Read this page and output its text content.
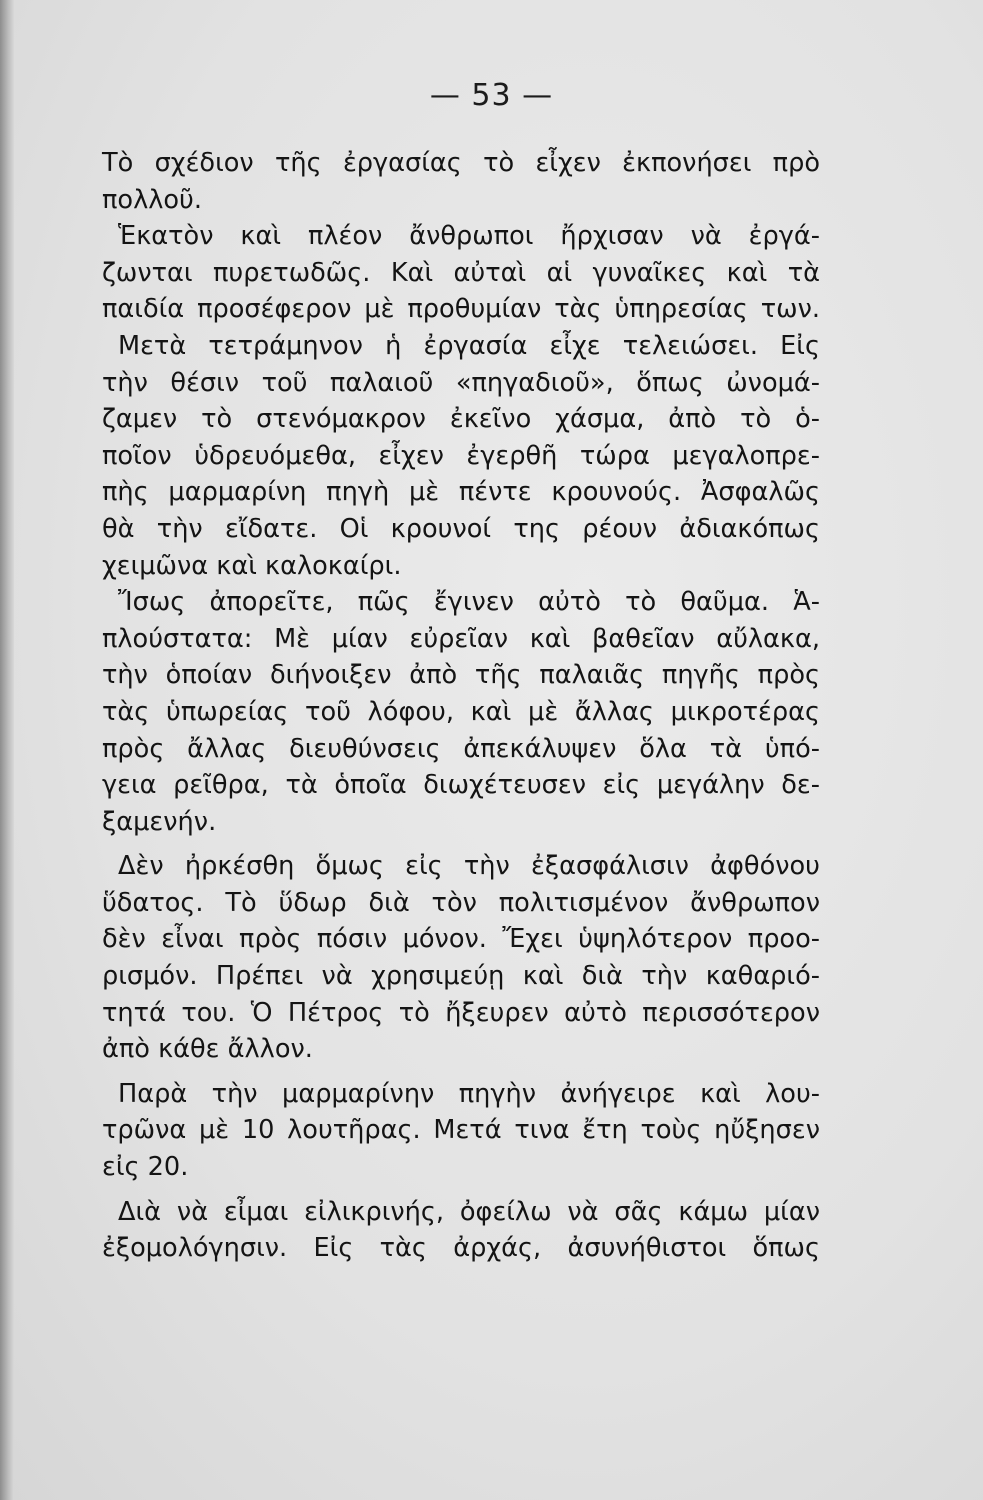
— 53 —
Τὸ σχέδιον τῆς ἐργασίας τὸ εἶχεν ἐκπονήσει πρὸ
πολλοῦ.
Ἑκατὸν καὶ πλέον ἄνθρωποι ἤρχισαν νὰ ἐργά-
ζωνται πυρετωδῶς. Καὶ αὐταὶ αἱ γυναῖκες καὶ τὰ
παιδία προσέφερον μὲ προθυμίαν τὰς ὑπηρεσίας των.
Μετὰ τετράμηνον ἡ ἐργασία εἶχε τελειώσει. Εἰς
τὴν θέσιν τοῦ παλαιοῦ «πηγαδιοῦ», ὅπως ὠνομά-
ζαμεν τὸ στενόμακρον ἐκεῖνο χάσμα, ἀπὸ τὸ ὁ-
ποῖον ὑδρευόμεθα, εἶχεν ἐγερθῆ τώρα μεγαλοπρε-
πὴς μαρμαρίνη πηγὴ μὲ πέντε κρουνούς. Ἀσφαλῶς
θὰ τὴν εἴδατε. Οἱ κρουνοί της ρέουν ἀδιακόπως
χειμῶνα καὶ καλοκαίρι.
Ἴσως ἀπορεῖτε, πῶς ἔγινεν αὐτὸ τὸ θαῦμα. Ἁ-
πλούστατα: Μὲ μίαν εὐρεῖαν καὶ βαθεῖαν αὔλακα,
τὴν ὁποίαν διήνοιξεν ἀπὸ τῆς παλαιᾶς πηγῆς πρὸς
τὰς ὑπωρείας τοῦ λόφου, καὶ μὲ ἄλλας μικροτέρας
πρὸς ἄλλας διευθύνσεις ἀπεκάλυψεν ὅλα τὰ ὑπό-
γεια ρεῖθρα, τὰ ὁποῖα διωχέτευσεν εἰς μεγάλην δε-
ξαμενήν.
Δὲν ἠρκέσθη ὅμως εἰς τὴν ἐξασφάλισιν ἀφθόνου
ὕδατος. Τὸ ὕδωρ διὰ τὸν πολιτισμένον ἄνθρωπον
δὲν εἶναι πρὸς πόσιν μόνον. Ἔχει ὑψηλότερον προο-
ρισμόν. Πρέπει νὰ χρησιμεύῃ καὶ διὰ τὴν καθαριό-
τητά του. Ὁ Πέτρος τὸ ἤξευρεν αὐτὸ περισσότερον
ἀπὸ κάθε ἄλλον.
Παρὰ τὴν μαρμαρίνην πηγὴν ἀνήγειρε καὶ λου-
τρῶνα μὲ 10 λουτῆρας. Μετά τινα ἔτη τοὺς ηὔξησεν
εἰς 20.
Διὰ νὰ εἶμαι εἰλικρινής, ὀφείλω νὰ σᾶς κάμω μίαν
ἐξομολόγησιν. Εἰς τὰς ἀρχάς, ἀσυνήθιστοι ὅπως
